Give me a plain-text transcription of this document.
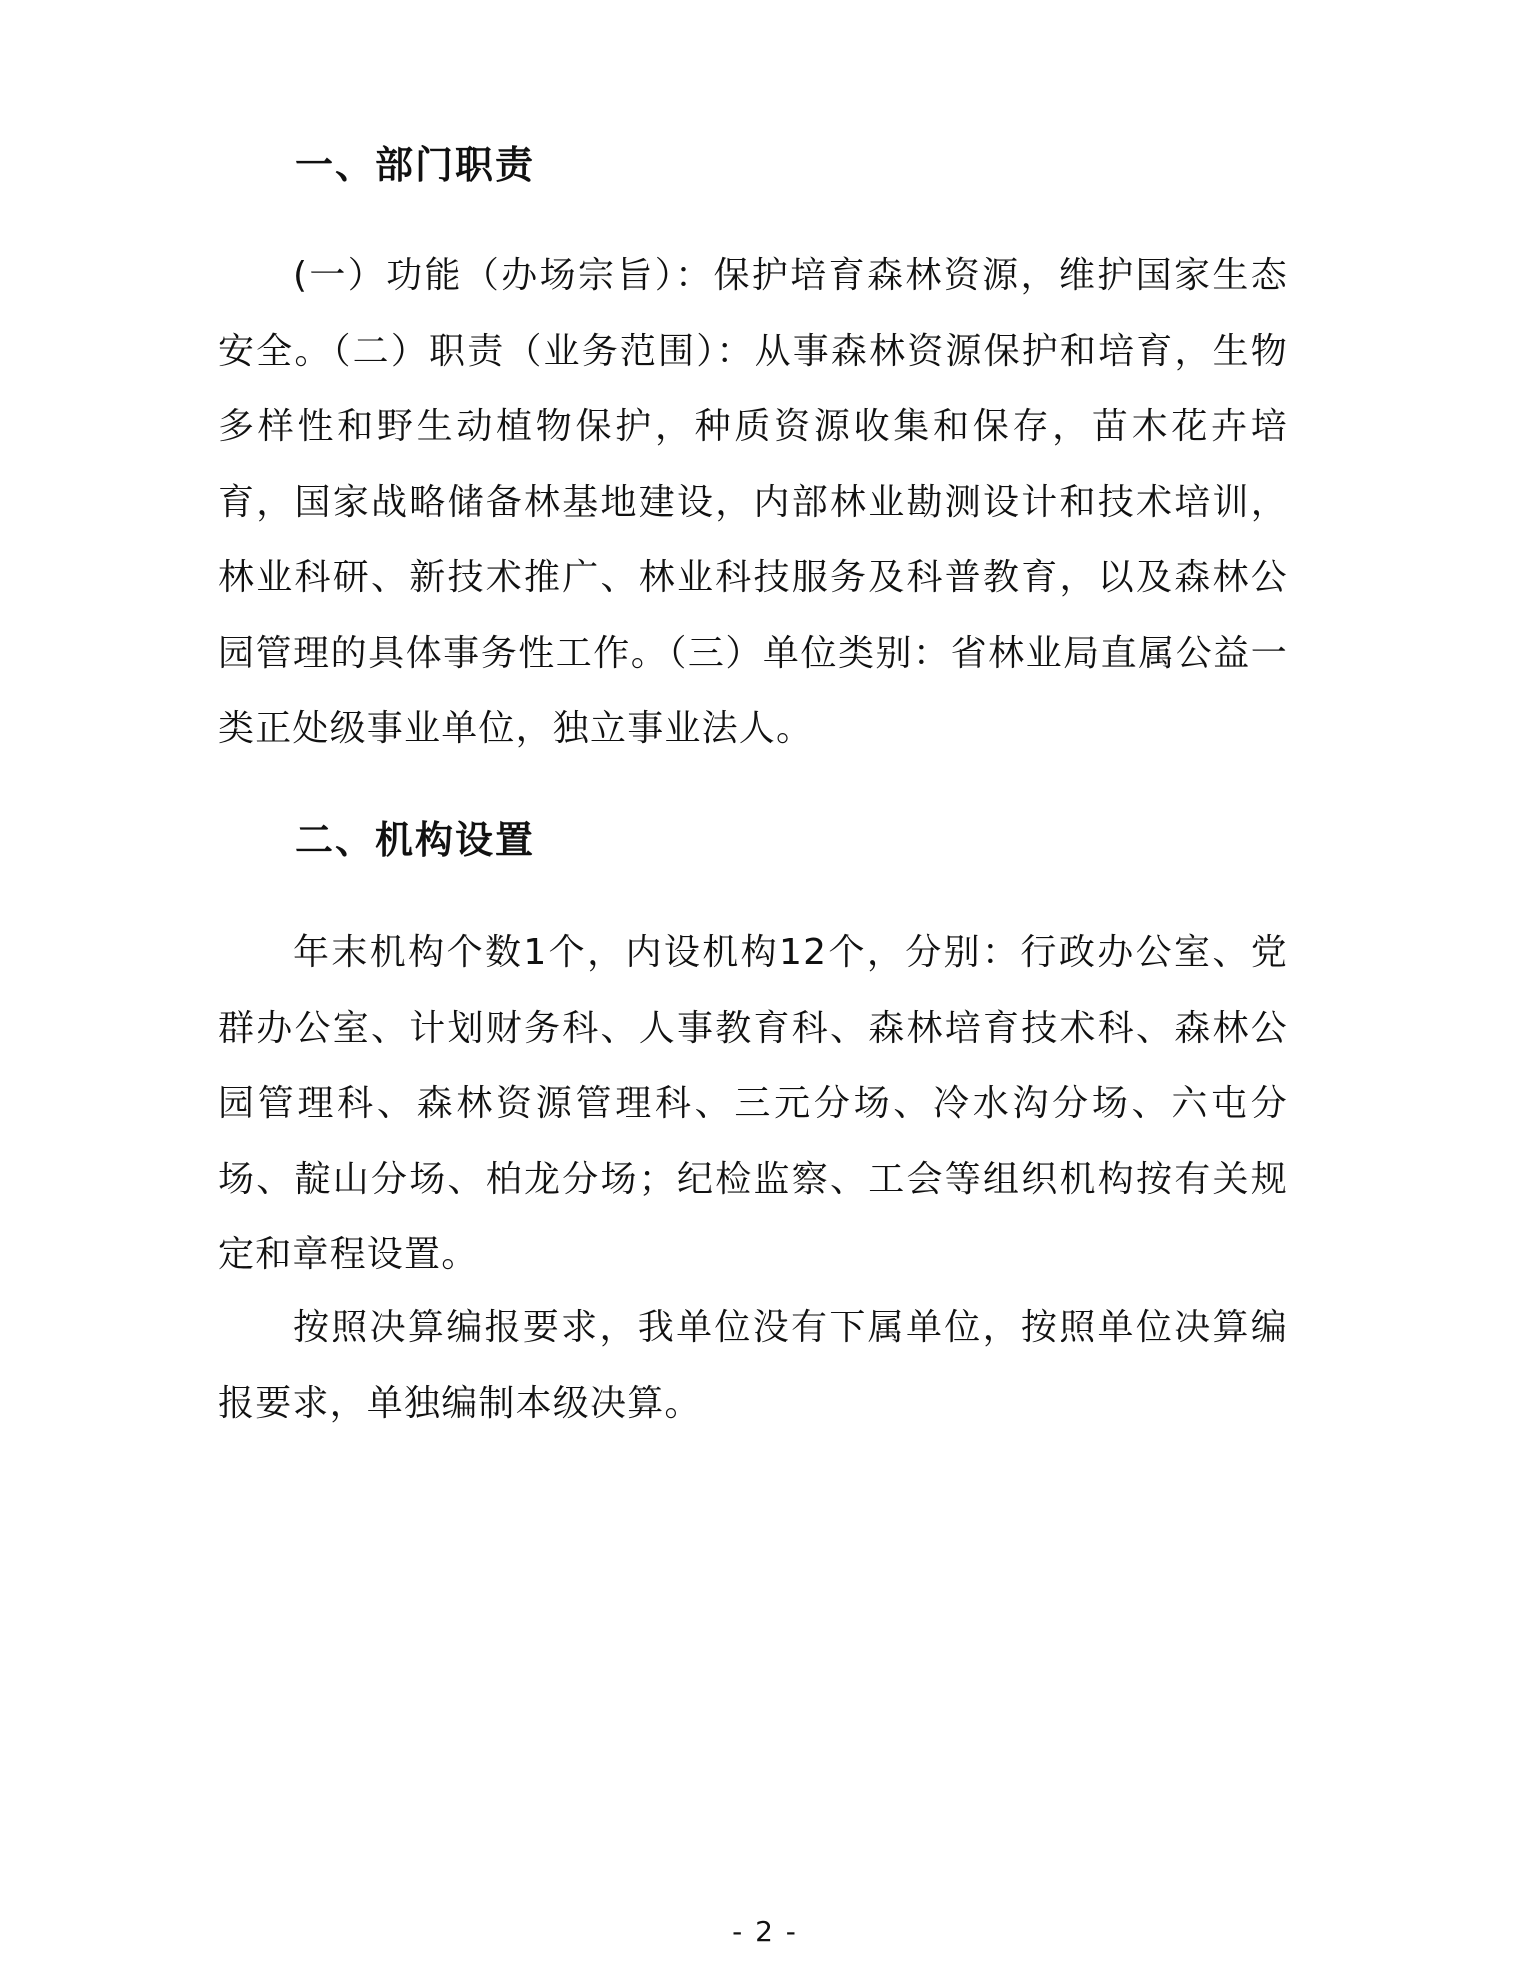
一、部门职责

(一）功能（办场宗旨）：保护培育森林资源，维护国家生态安全。（二）职责（业务范围）：从事森林资源保护和培育，生物多样性和野生动植物保护，种质资源收集和保存，苗木花卉培育，国家战略储备林基地建设，内部林业勘测设计和技术培训，林业科研、新技术推广、林业科技服务及科普教育，以及森林公园管理的具体事务性工作。（三）单位类别：省林业局直属公益一类正处级事业单位，独立事业法人。

二、机构设置

年末机构个数1个，内设机构12个，分别：行政办公室、党群办公室、计划财务科、人事教育科、森林培育技术科、森林公园管理科、森林资源管理科、三元分场、冷水沟分场、六屯分场、靛山分场、柏龙分场；纪检监察、工会等组织机构按有关规定和章程设置。

按照决算编报要求，我单位没有下属单位，按照单位决算编报要求，单独编制本级决算。

- 2 -
